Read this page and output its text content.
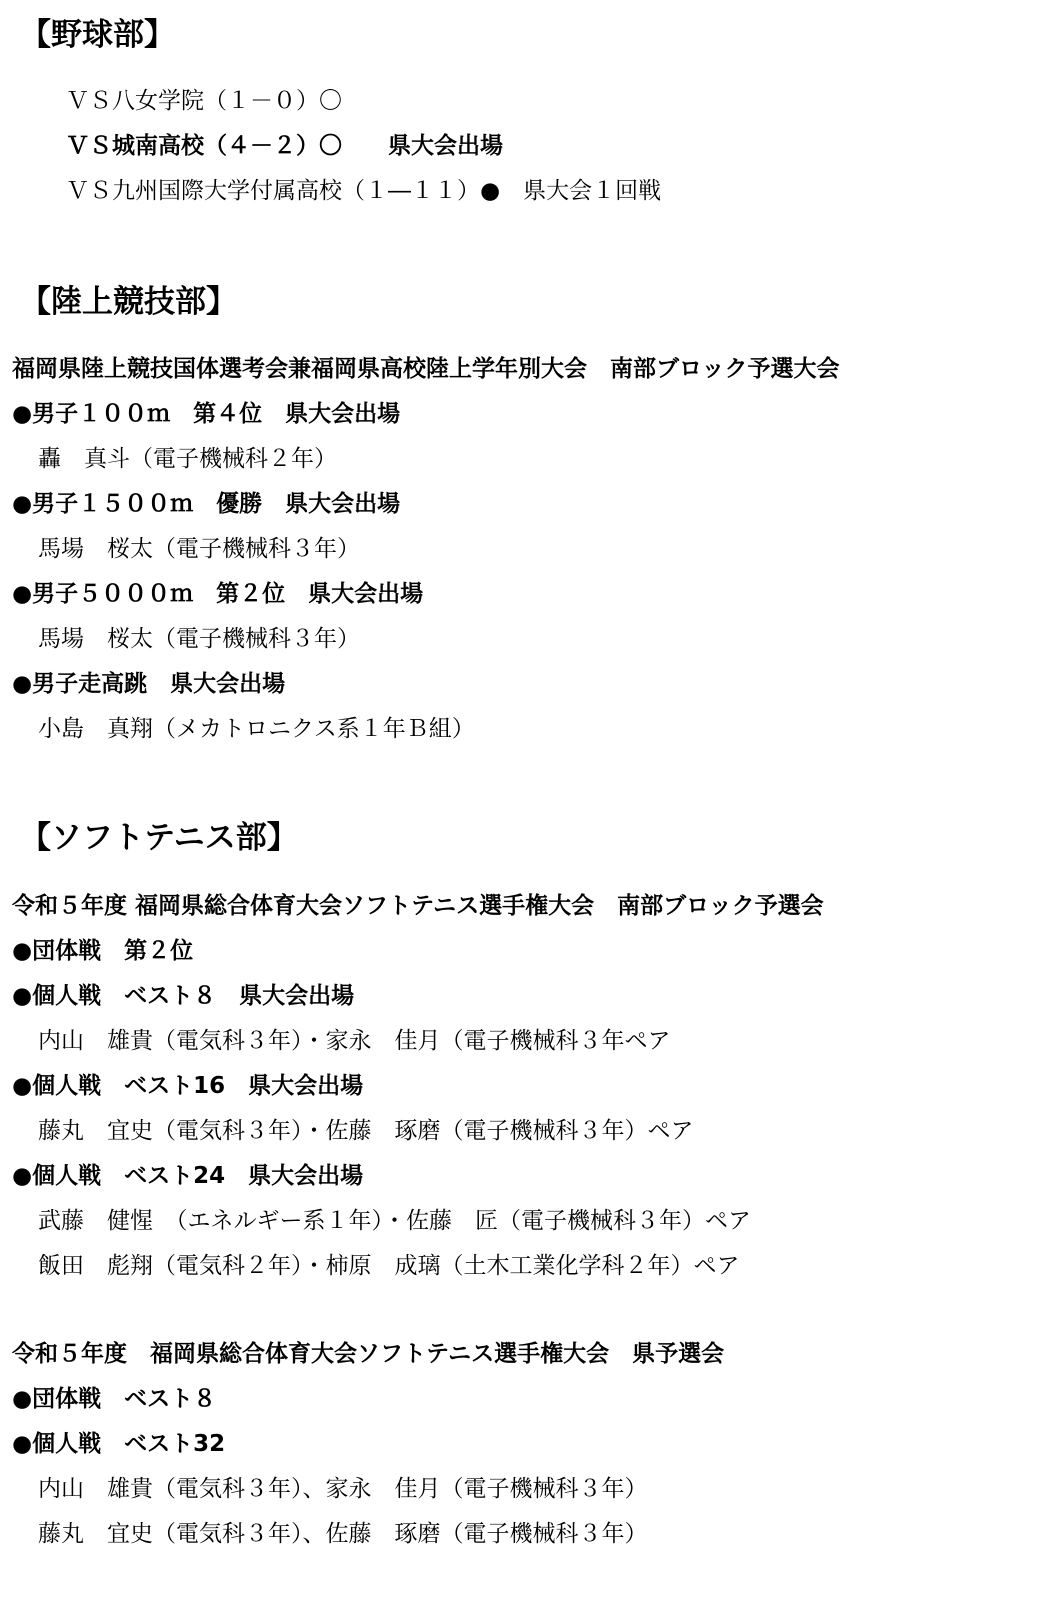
【野球部】

ＶＳ八女学院（１－０）〇

ＶＳ城南高校（４－２）〇　　県大会出場

ＶＳ九州国際大学付属高校（１―１１）●　県大会１回戦

【陸上競技部】

福岡県陸上競技国体選考会兼福岡県高校陸上学年別大会　南部ブロック予選大会

●男子１００ｍ　第４位　県大会出場

轟　真斗（電子機械科２年）

●男子１５００ｍ　優勝　県大会出場

馬場　桜太（電子機械科３年）

●男子５０００ｍ　第２位　県大会出場

馬場　桜太（電子機械科３年）

●男子走高跳　県大会出場

小島　真翔（メカトロニクス系１年Ｂ組）

【ソフトテニス部】

令和５年度 福岡県総合体育大会ソフトテニス選手権大会　南部ブロック予選会

●団体戦　第２位

●個人戦　ベスト８　県大会出場

内山　雄貴（電気科３年）・家永　佳月（電子機械科３年ペア

●個人戦　ベスト16　県大会出場

藤丸　宜史（電気科３年）・佐藤　琢磨（電子機械科３年）ペア

●個人戦　ベスト24　県大会出場

武藤　健惺　（エネルギー系１年）・佐藤　匠（電子機械科３年）ペア

飯田　彪翔（電気科２年）・柿原　成璃（土木工業化学科２年）ペア

令和５年度　福岡県総合体育大会ソフトテニス選手権大会　県予選会

●団体戦　ベスト８

●個人戦　ベスト32

内山　雄貴（電気科３年）、家永　佳月（電子機械科３年）

藤丸　宜史（電気科３年）、佐藤　琢磨（電子機械科３年）
